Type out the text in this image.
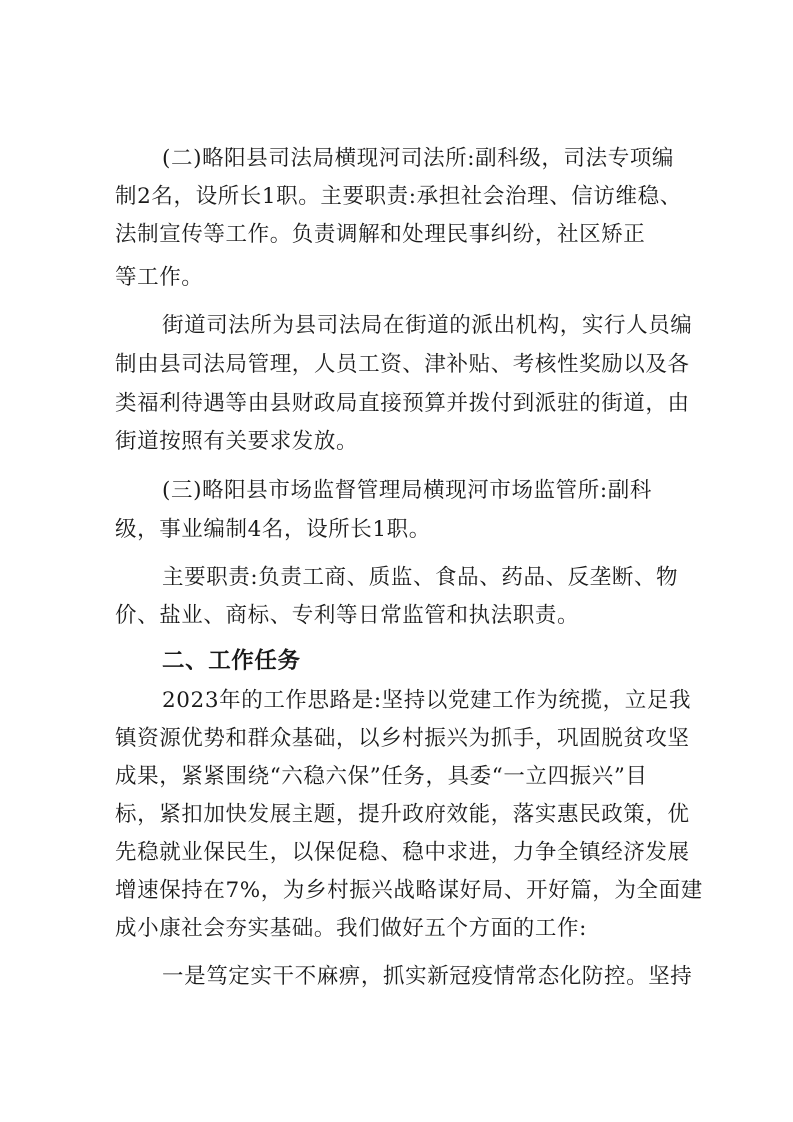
(二)略阳县司法局横现河司法所:副科级，司法专项编
制2名，设所长1职。主要职责:承担社会治理、信访维稳、
法制宣传等工作。负责调解和处理民事纠纷，社区矫正
等工作。
街道司法所为县司法局在街道的派出机构，实行人员编
制由县司法局管理，人员工资、津补贴、考核性奖励以及各
类福利待遇等由县财政局直接预算并拨付到派驻的街道，由
街道按照有关要求发放。
(三)略阳县市场监督管理局横现河市场监管所:副科
级，事业编制4名，设所长1职。
主要职责:负责工商、质监、食品、药品、反垄断、物
价、盐业、商标、专利等日常监管和执法职责。
二、工作任务
2023年的工作思路是:坚持以党建工作为统揽，立足我
镇资源优势和群众基础，以乡村振兴为抓手，巩固脱贫攻坚
成果，紧紧围绕“六稳六保”任务，具委“一立四振兴”目
标，紧扣加快发展主题，提升政府效能，落实惠民政策，优
先稳就业保民生，以保促稳、稳中求进，力争全镇经济发展
增速保持在7%，为乡村振兴战略谋好局、开好篇，为全面建
成小康社会夯实基础。我们做好五个方面的工作:
一是笃定实干不麻痹，抓实新冠疫情常态化防控。坚持
